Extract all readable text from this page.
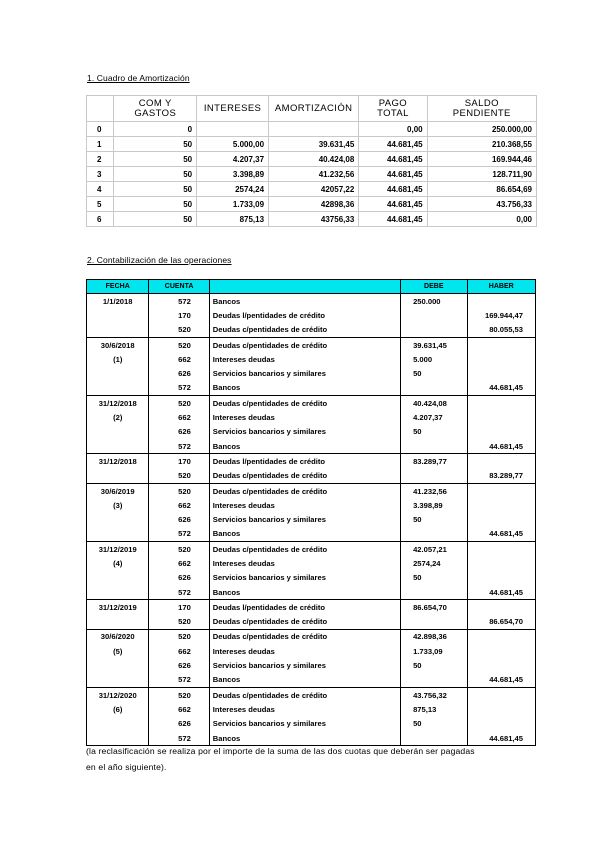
1. Cuadro de Amortización
	COM Y GASTOS	INTERESES	AMORTIZACIÓN	PAGO TOTAL	SALDO PENDIENTE
0	0			0,00	250.000,00
1	50	5.000,00	39.631,45	44.681,45	210.368,55
2	50	4.207,37	40.424,08	44.681,45	169.944,46
3	50	3.398,89	41.232,56	44.681,45	128.711,90
4	50	2574,24	42057,22	44.681,45	86.654,69
5	50	1.733,09	42898,36	44.681,45	43.756,33
6	50	875,13	43756,33	44.681,45	0,00
2. Contabilización de las operaciones
FECHA	CUENTA		DEBE	HABER
1/1/2018	572	Bancos	250.000	
	170	Deudas l/pentidades de crédito		169.944,47
	520	Deudas c/pentidades de crédito		80.055,53
30/6/2018	520	Deudas c/pentidades de crédito	39.631,45	
(1)	662	Intereses deudas	5.000	
	626	Servicios bancarios y similares	50	
	572	Bancos		44.681,45
31/12/2018	520	Deudas c/pentidades de crédito	40.424,08	
(2)	662	Intereses deudas	4.207,37	
	626	Servicios bancarios y similares	50	
	572	Bancos		44.681,45
31/12/2018	170	Deudas l/pentidades de crédito	83.289,77	
	520	Deudas c/pentidades de crédito		83.289,77
30/6/2019	520	Deudas c/pentidades de crédito	41.232,56	
(3)	662	Intereses deudas	3.398,89	
	626	Servicios bancarios y similares	50	
	572	Bancos		44.681,45
31/12/2019	520	Deudas c/pentidades de crédito	42.057,21	
(4)	662	Intereses deudas	2574,24	
	626	Servicios bancarios y similares	50	
	572	Bancos		44.681,45
31/12/2019	170	Deudas l/pentidades de crédito	86.654,70	
	520	Deudas c/pentidades de crédito		86.654,70
30/6/2020	520	Deudas c/pentidades de crédito	42.898,36	
(5)	662	Intereses deudas	1.733,09	
	626	Servicios bancarios y similares	50	
	572	Bancos		44.681,45
31/12/2020	520	Deudas c/pentidades de crédito	43.756,32	
(6)	662	Intereses deudas	875,13	
	626	Servicios bancarios y similares	50	
	572	Bancos		44.681,45
(la reclasificación se realiza por el importe de la suma de las dos cuotas que deberán ser pagadas
en el año siguiente).
